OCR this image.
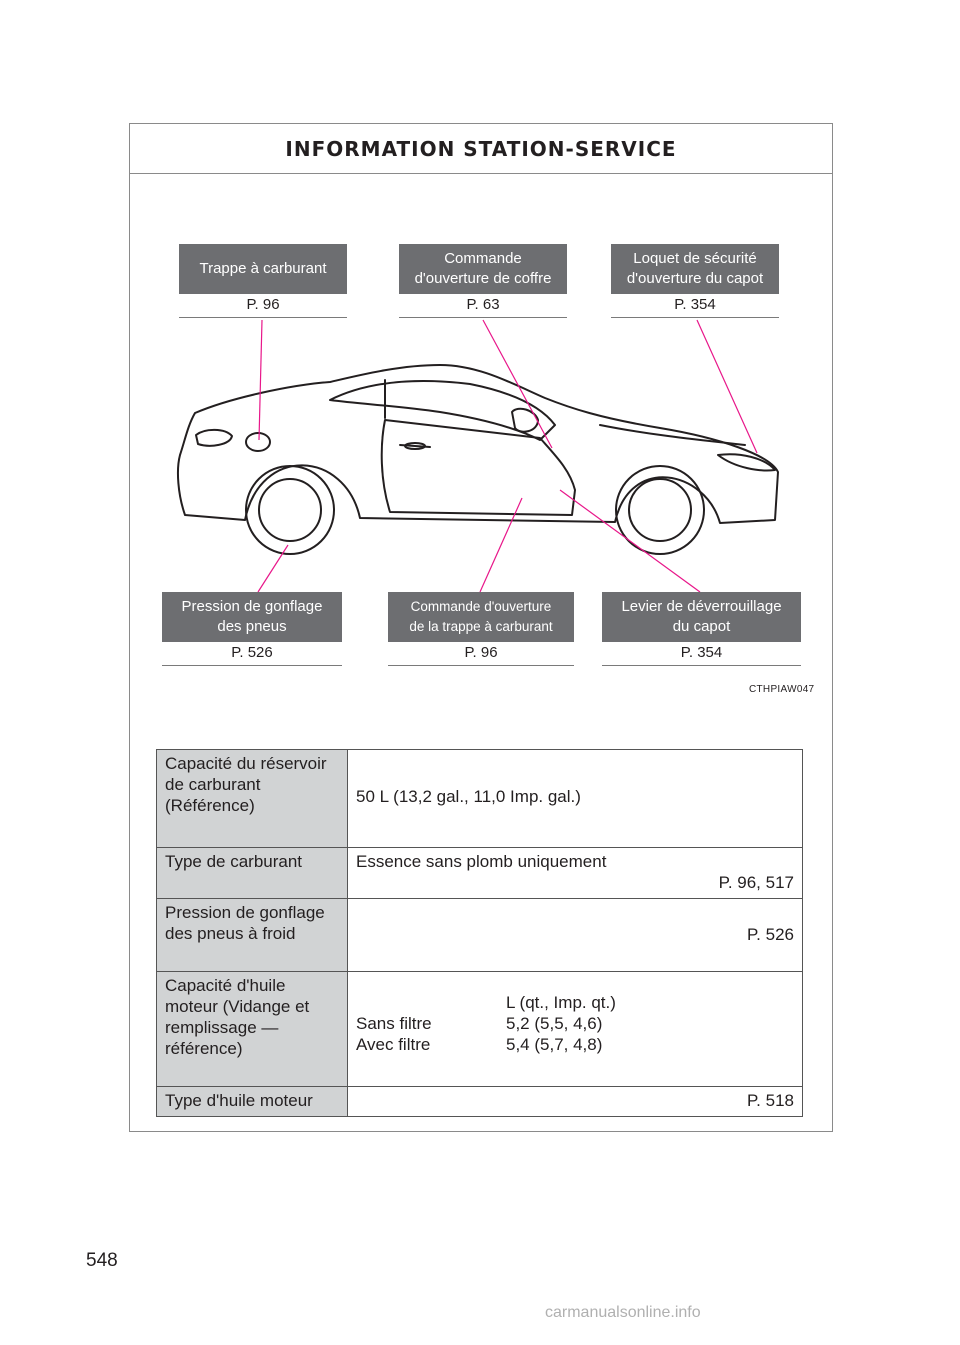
INFORMATION STATION-SERVICE
Trappe à carburant
P. 96
Commande
d'ouverture de coffre
P. 63
Loquet de sécurité
d'ouverture du capot
P. 354
Pression de gonflage
des pneus
P. 526
Commande d'ouverture
de la trappe à carburant
P. 96
Levier de déverrouillage
du capot
P. 354
CTHPIAW047
Capacité du réservoir de carburant (Référence)	50 L (13,2 gal., 11,0 Imp. gal.)
Type de carburant	Essence sans plomb uniquement
P. 96, 517

Pression de gonflage des pneus à froid	P. 526
Capacité d'huile moteur (Vidange et remplissage — référence)	L (qt., Imp. qt.)
Sans filtre 5,2 (5,5, 4,6)
Avec filtre 5,4 (5,7, 4,8)

Type d'huile moteur	P. 518
548
carmanualsonline.info
